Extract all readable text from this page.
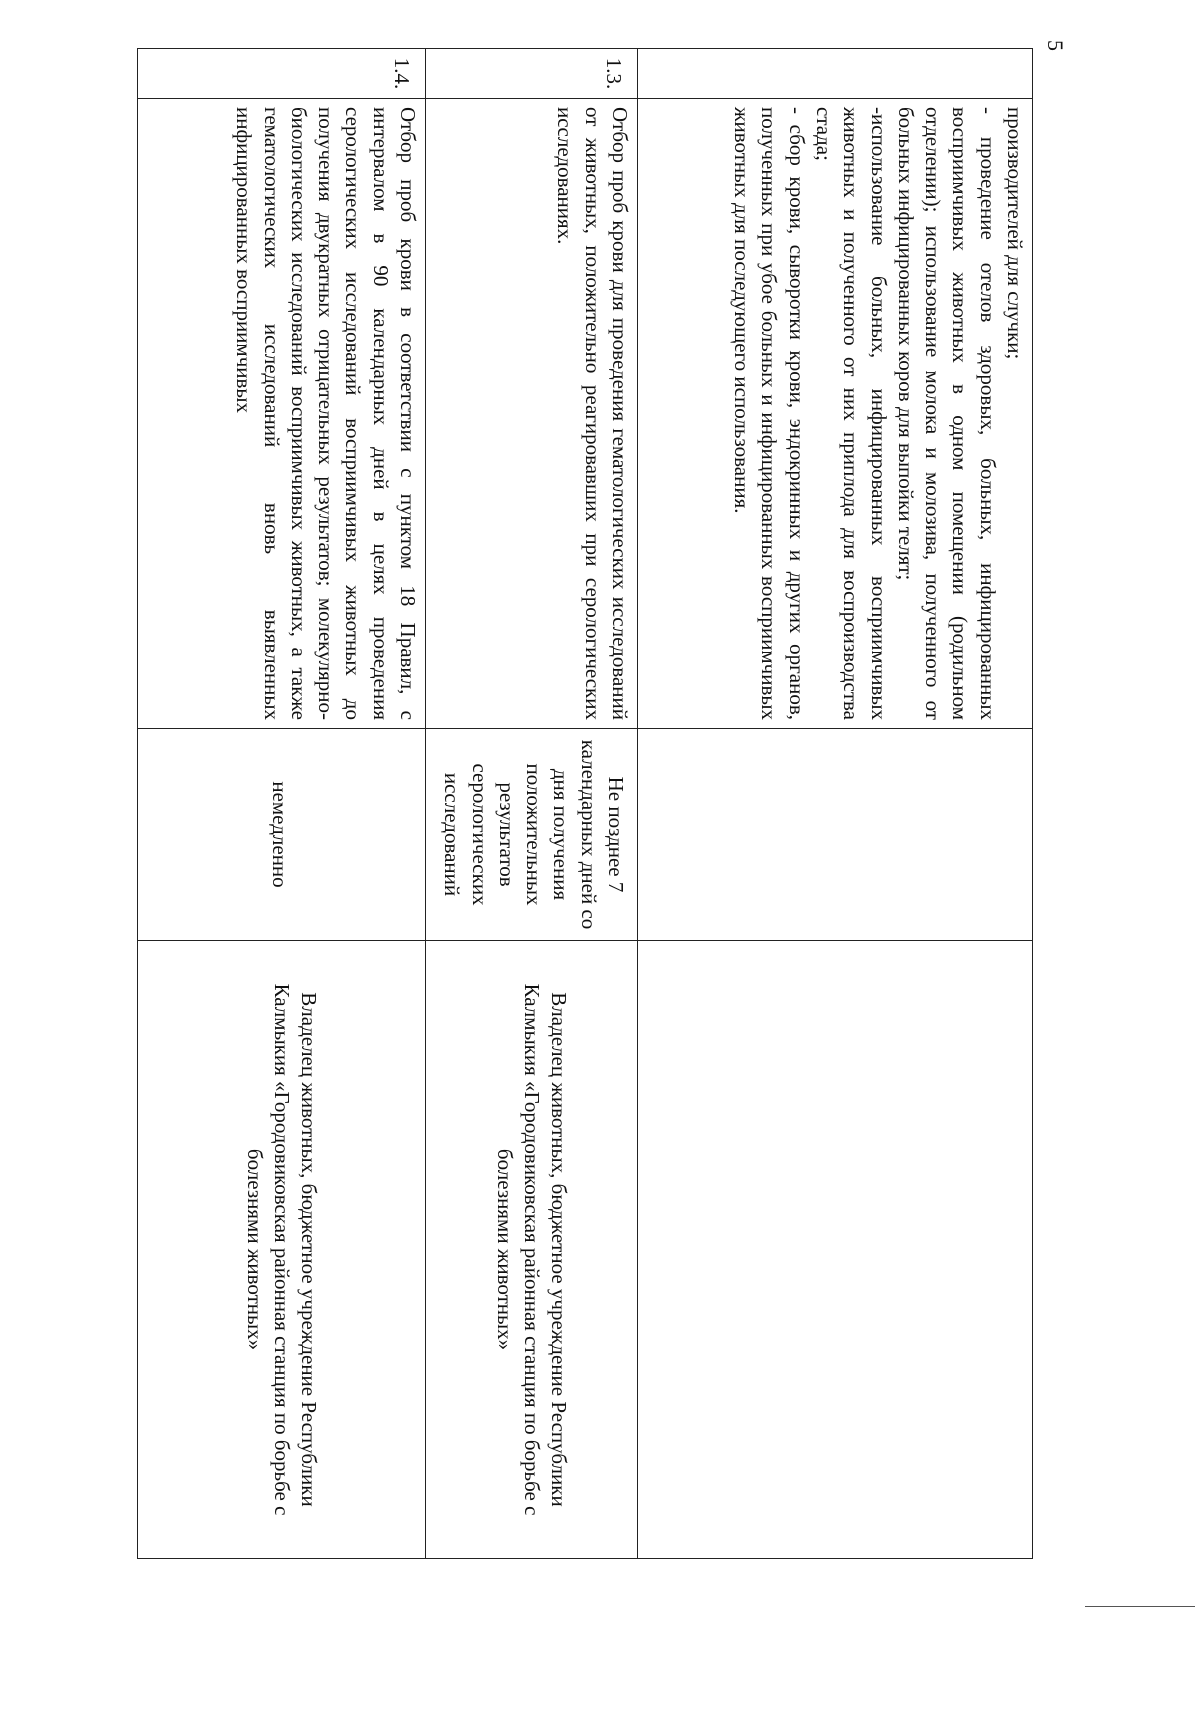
5

	производителей для случки;
- проведение отелов здоровых, больных, инфицированных восприимчивых животных в одном помещении (родильном отделении); использование молока и молозива, полученного от больных инфицированных коров для выпойки телят;
-использование больных, инфицированных восприимчивых животных и полученного от них приплода для воспроизводства стада;
- сбор крови, сыворотки крови, эндокринных и других органов, полученных при убое больных и инфицированных восприимчивых животных для последующего использования.		

1.3.	Отбор проб крови для проведения гематологических исследований от животных, положительно реагировавших при серологических исследованиях.	Не позднее 7 календарных дней со дня получения положительных результатов серологических исследований	Владелец животных, бюджетное учреждение Республики Калмыкия «Городовиковская районная станция по борьбе с болезнями животных»
1.4.	Отбор проб крови в соответствии с пунктом 18 Правил, с интервалом в 90 календарных дней в целях проведения серологических исследований восприимчивых животных до получения двукратных отрицательных результатов; молекулярно-биологических исследований восприимчивых животных, а также гематологических исследований вновь выявленных инфицированных восприимчивых	немедленно	Владелец животных, бюджетное учреждение Республики Калмыкия «Городовиковская районная станция по борьбе с болезнями животных»
